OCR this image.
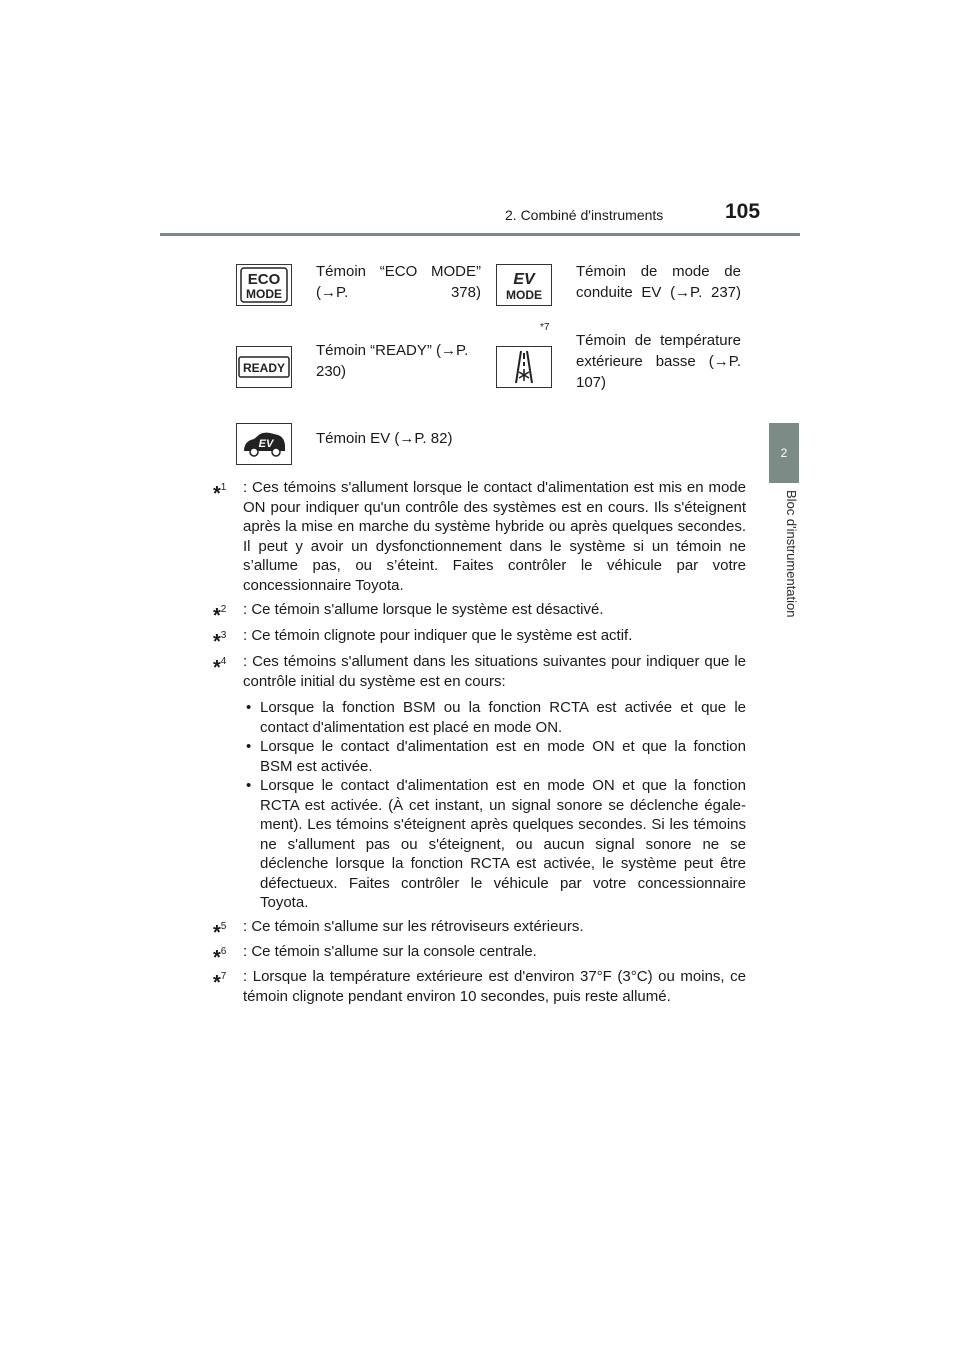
2. Combiné d'instruments	105
2
Bloc d'instrumentation
ECO
MODE
Témoin “ECO MODE” (→P. 378)
EV
MODE
Témoin de mode de conduite EV (→P. 237)
READY
Témoin “READY” (→P. 230)
*7
Témoin de température extérieure basse (→P. 107)
EV	Témoin EV (→P. 82)
*$^1$ : Ces témoins s'allument lorsque le contact d'alimentation est mis en mode ON pour indiquer qu'un contrôle des systèmes est en cours. Ils s'éteignent après la mise en marche du système hybride ou après quelques secondes. Il peut y avoir un dysfonctionnement dans le système si un témoin ne s’allume pas, ou s’éteint. Faites contrôler le véhicule par votre concessionnaire Toyota.
*$^2$ : Ce témoin s'allume lorsque le système est désactivé.
*$^3$ : Ce témoin clignote pour indiquer que le système est actif.
*$^4$ : Ces témoins s'allument dans les situations suivantes pour indiquer que le contrôle initial du système est en cours:
• Lorsque la fonction BSM ou la fonction RCTA est activée et que le contact d'alimentation est placé en mode ON.
• Lorsque le contact d'alimentation est en mode ON et que la fonction BSM est activée.
• Lorsque le contact d'alimentation est en mode ON et que la fonction RCTA est activée. (À cet instant, un signal sonore se déclenche égale-ment). Les témoins s'éteignent après quelques secondes. Si les témoins ne s'allument pas ou s'éteignent, ou aucun signal sonore ne se déclenche lorsque la fonction RCTA est activée, le système peut être défectueux. Faites contrôler le véhicule par votre concessionnaire Toyota.
*$^5$ : Ce témoin s'allume sur les rétroviseurs extérieurs.
*$^6$ : Ce témoin s'allume sur la console centrale.
*$^7$ : Lorsque la température extérieure est d'environ 37°F (3°C) ou moins, ce témoin clignote pendant environ 10 secondes, puis reste allumé.
